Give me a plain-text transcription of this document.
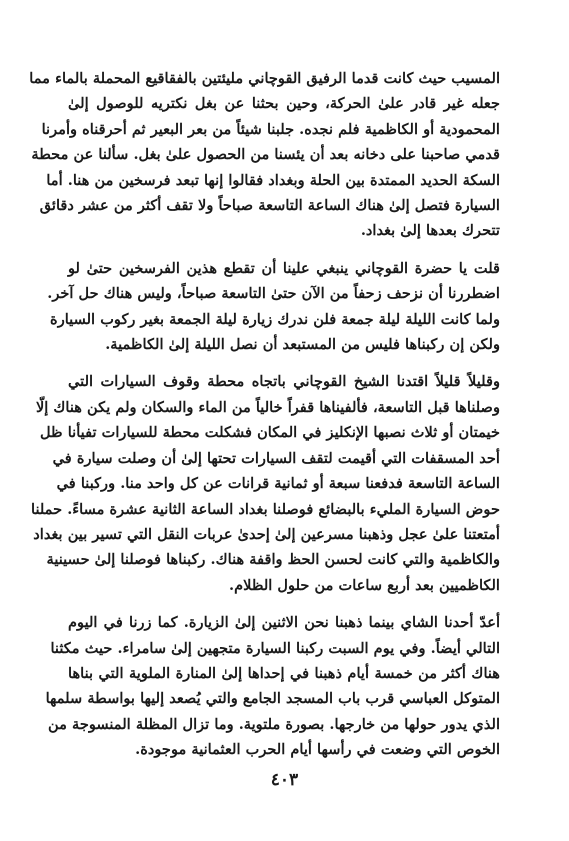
المسيب حيث كانت قدما الرفيق القوچاني مليئتين بالفقاقيع المحملة بالماء مما
جعله غير قادر علىٰ الحركة، وحين بحثنا عن بغل نكتريه للوصول إلىٰ
المحمودية أو الكاظمية فلم نجده. جلبنا شيئاً من بعر البعير ثم أحرقناه وأمرنا
قدمي صاحبنا على دخانه بعد أن يئسنا من الحصول علىٰ بغل. سألنا عن محطة
السكة الحديد الممتدة بين الحلة وبغداد فقالوا إنها تبعد فرسخين من هنا. أما
السيارة فتصل إلىٰ هناك الساعة التاسعة صباحاً ولا تقف أكثر من عشر دقائق
تتحرك بعدها إلىٰ بغداد.

قلت يا حضرة القوچاني ينبغي علينا أن تقطع هذين الفرسخين حتىٰ لو
اضطررنا أن نزحف زحفاً من الآن حتىٰ التاسعة صباحاً، وليس هناك حل آخر.
ولما كانت الليلة ليلة جمعة فلن ندرك زيارة ليلة الجمعة بغير ركوب السيارة
ولكن إن ركبناها فليس من المستبعد أن نصل الليلة إلىٰ الكاظمية.

وقليلاً قليلاً اقتدنا الشيخ القوچاني باتجاه محطة وقوف السيارات التي
وصلناها قبل التاسعة، فألفيناها قفراً خالياً من الماء والسكان ولم يكن هناك إلّا
خيمتان أو ثلاث نصبها الإنكليز في المكان فشكلت محطة للسيارات تفيأنا ظل
أحد المسقفات التي أقيمت لتقف السيارات تحتها إلىٰ أن وصلت سيارة في
الساعة التاسعة فدفعنا سبعة أو ثمانية قرانات عن كل واحد منا. وركبنا في
حوض السيارة المليء بالبضائع فوصلنا بغداد الساعة الثانية عشرة مساءً. حملنا
أمتعتنا علىٰ عجل وذهبنا مسرعين إلىٰ إحدىٰ عربات النقل التي تسير بين بغداد
والكاظمية والتي كانت لحسن الحظ واقفة هناك. ركبناها فوصلنا إلىٰ حسينية
الكاظميين بعد أربع ساعات من حلول الظلام.

أعدّ أحدنا الشاي بينما ذهبنا نحن الاثنين إلىٰ الزيارة. كما زرنا في اليوم
التالي أيضاً. وفي يوم السبت ركبنا السيارة متجهين إلىٰ سامراء. حيث مكثنا
هناك أكثر من خمسة أيام ذهبنا في إحداها إلىٰ المنارة الملوية التي بناها
المتوكل العباسي قرب باب المسجد الجامع والتي يُصعد إليها بواسطة سلمها
الذي يدور حولها من خارجها. بصورة ملتوية. وما تزال المظلة المنسوجة من
الخوص التي وضعت في رأسها أيام الحرب العثمانية موجودة.

٤٠٣
